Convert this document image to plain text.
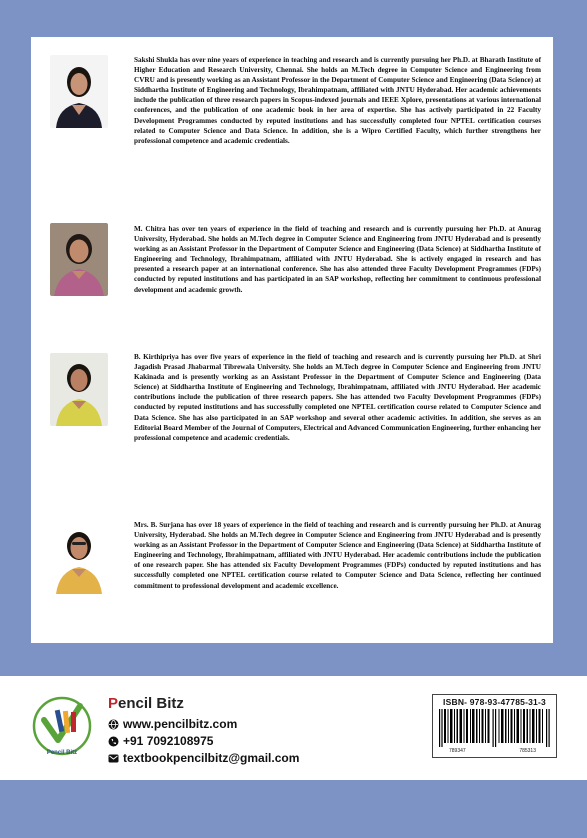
Sakshi Shukla has over nine years of experience in teaching and research and is currently pursuing her Ph.D. at Bharath Institute of Higher Education and Research University, Chennai. She holds an M.Tech degree in Computer Science and Engineering from CVRU and is presently working as an Assistant Professor in the Department of Computer Science and Engineering (Data Science) at Siddhartha Institute of Engineering and Technology, Ibrahimpatnam, affiliated with JNTU Hyderabad. Her academic achievements include the publication of three research papers in Scopus-indexed journals and IEEE Xplore, presentations at various international conferences, and the publication of one academic book in her area of expertise. She has actively participated in 22 Faculty Development Programmes conducted by reputed institutions and has successfully completed four NPTEL certification courses related to Computer Science and Data Science. In addition, she is a Wipro Certified Faculty, which further strengthens her professional competence and academic credentials.

M. Chitra has over ten years of experience in the field of teaching and research and is currently pursuing her Ph.D. at Anurag University, Hyderabad. She holds an M.Tech degree in Computer Science and Engineering from JNTU Hyderabad and is presently working as an Assistant Professor in the Department of Computer Science and Engineering (Data Science) at Siddhartha Institute of Engineering and Technology, Ibrahimpatnam, affiliated with JNTU Hyderabad. She is actively engaged in research and has presented a research paper at an international conference. She has also attended three Faculty Development Programmes (FDPs) conducted by reputed institutions and has participated in an SAP workshop, reflecting her commitment to continuous professional development and academic growth.

B. Kirthipriya has over five years of experience in the field of teaching and research and is currently pursuing her Ph.D. at Shri Jagadish Prasad Jhabarmal Tibrewala University. She holds an M.Tech degree in Computer Science and Engineering from JNTU Kakinada and is presently working as an Assistant Professor in the Department of Computer Science and Engineering (Data Science) at Siddhartha Institute of Engineering and Technology, Ibrahimpatnam, affiliated with JNTU Hyderabad. Her academic contributions include the publication of three research papers. She has attended two Faculty Development Programmes (FDPs) conducted by reputed institutions and has successfully completed one NPTEL certification course related to Computer Science and Data Science. She has also participated in an SAP workshop and several other academic activities. In addition, she serves as an Editorial Board Member of the Journal of Computers, Electrical and Advanced Communication Engineering, further enhancing her professional competence and academic credentials.

Mrs. B. Surjana has over 18 years of experience in the field of teaching and research and is currently pursuing her Ph.D. at Anurag University, Hyderabad. She holds an M.Tech degree in Computer Science and Engineering from JNTU Hyderabad and is presently working as an Assistant Professor in the Department of Computer Science and Engineering (Data Science) at Siddhartha Institute of Engineering and Technology, Ibrahimpatnam, affiliated with JNTU Hyderabad. Her academic contributions include the publication of one research paper. She has attended six Faculty Development Programmes (FDPs) conducted by reputed institutions and has successfully completed one NPTEL certification course related to Computer Science and Data Science, reflecting her continued commitment to professional development and academic excellence.

Pencil Bitz
Pencil Bitz
www.pencilbitz.com
+91 7092108975
textbookpencilbitz@gmail.com
ISBN- 978-93-47785-31-3
789347	785313
